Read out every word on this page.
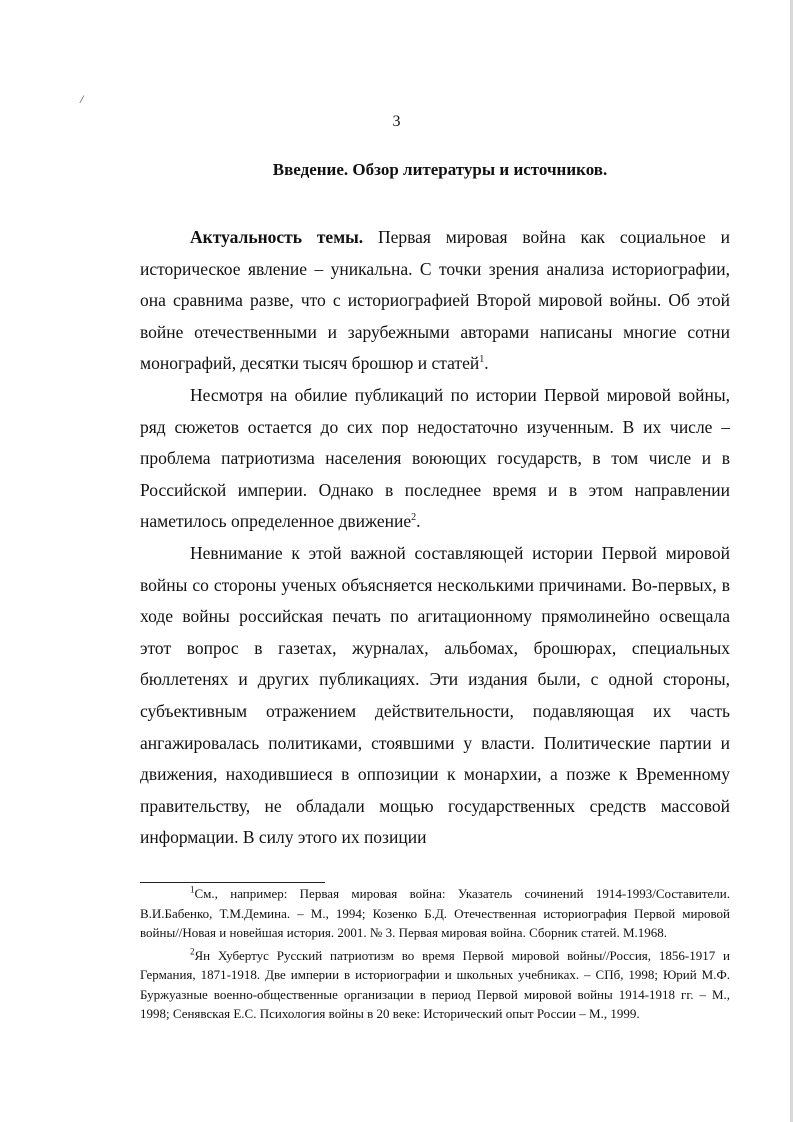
/
3
Введение. Обзор литературы и источников.

Актуальность темы. Первая мировая война как социальное и историческое явление – уникальна. С точки зрения анализа историографии, она сравнима разве, что с историографией Второй мировой войны. Об этой войне отечественными и зарубежными авторами написаны многие сотни монографий, десятки тысяч брошюр и статей$^1$.

Несмотря на обилие публикаций по истории Первой мировой войны, ряд сюжетов остается до сих пор недостаточно изученным. В их числе – проблема патриотизма населения воюющих государств, в том числе и в Российской империи. Однако в последнее время и в этом направлении наметилось определенное движение$^2$.

Невнимание к этой важной составляющей истории Первой мировой войны со стороны ученых объясняется несколькими причинами. Во-первых, в ходе войны российская печать по агитационному прямолинейно освещала этот вопрос в газетах, журналах, альбомах, брошюрах, специальных бюллетенях и других публикациях. Эти издания были, с одной стороны, субъективным отражением действительности, подавляющая их часть ангажировалась политиками, стоявшими у власти. Политические партии и движения, находившиеся в оппозиции к монархии, а позже к Временному правительству, не обладали мощью государственных средств массовой информации. В силу этого их позиции

$^1$См., например: Первая мировая война: Указатель сочинений 1914-1993/Составители. В.И.Бабенко, Т.М.Демина. – М., 1994; Козенко Б.Д. Отечественная историография Первой мировой войны//Новая и новейшая история. 2001. № 3. Первая мировая война. Сборник статей. М.1968.

$^2$Ян Хубертус Русский патриотизм во время Первой мировой войны//Россия, 1856-1917 и Германия, 1871-1918. Две империи в историографии и школьных учебниках. – СПб, 1998; Юрий М.Ф. Буржуазные военно-общественные организации в период Первой мировой войны 1914-1918 гг. – М., 1998; Сенявская Е.С. Психология войны в 20 веке: Исторический опыт России – М., 1999.
